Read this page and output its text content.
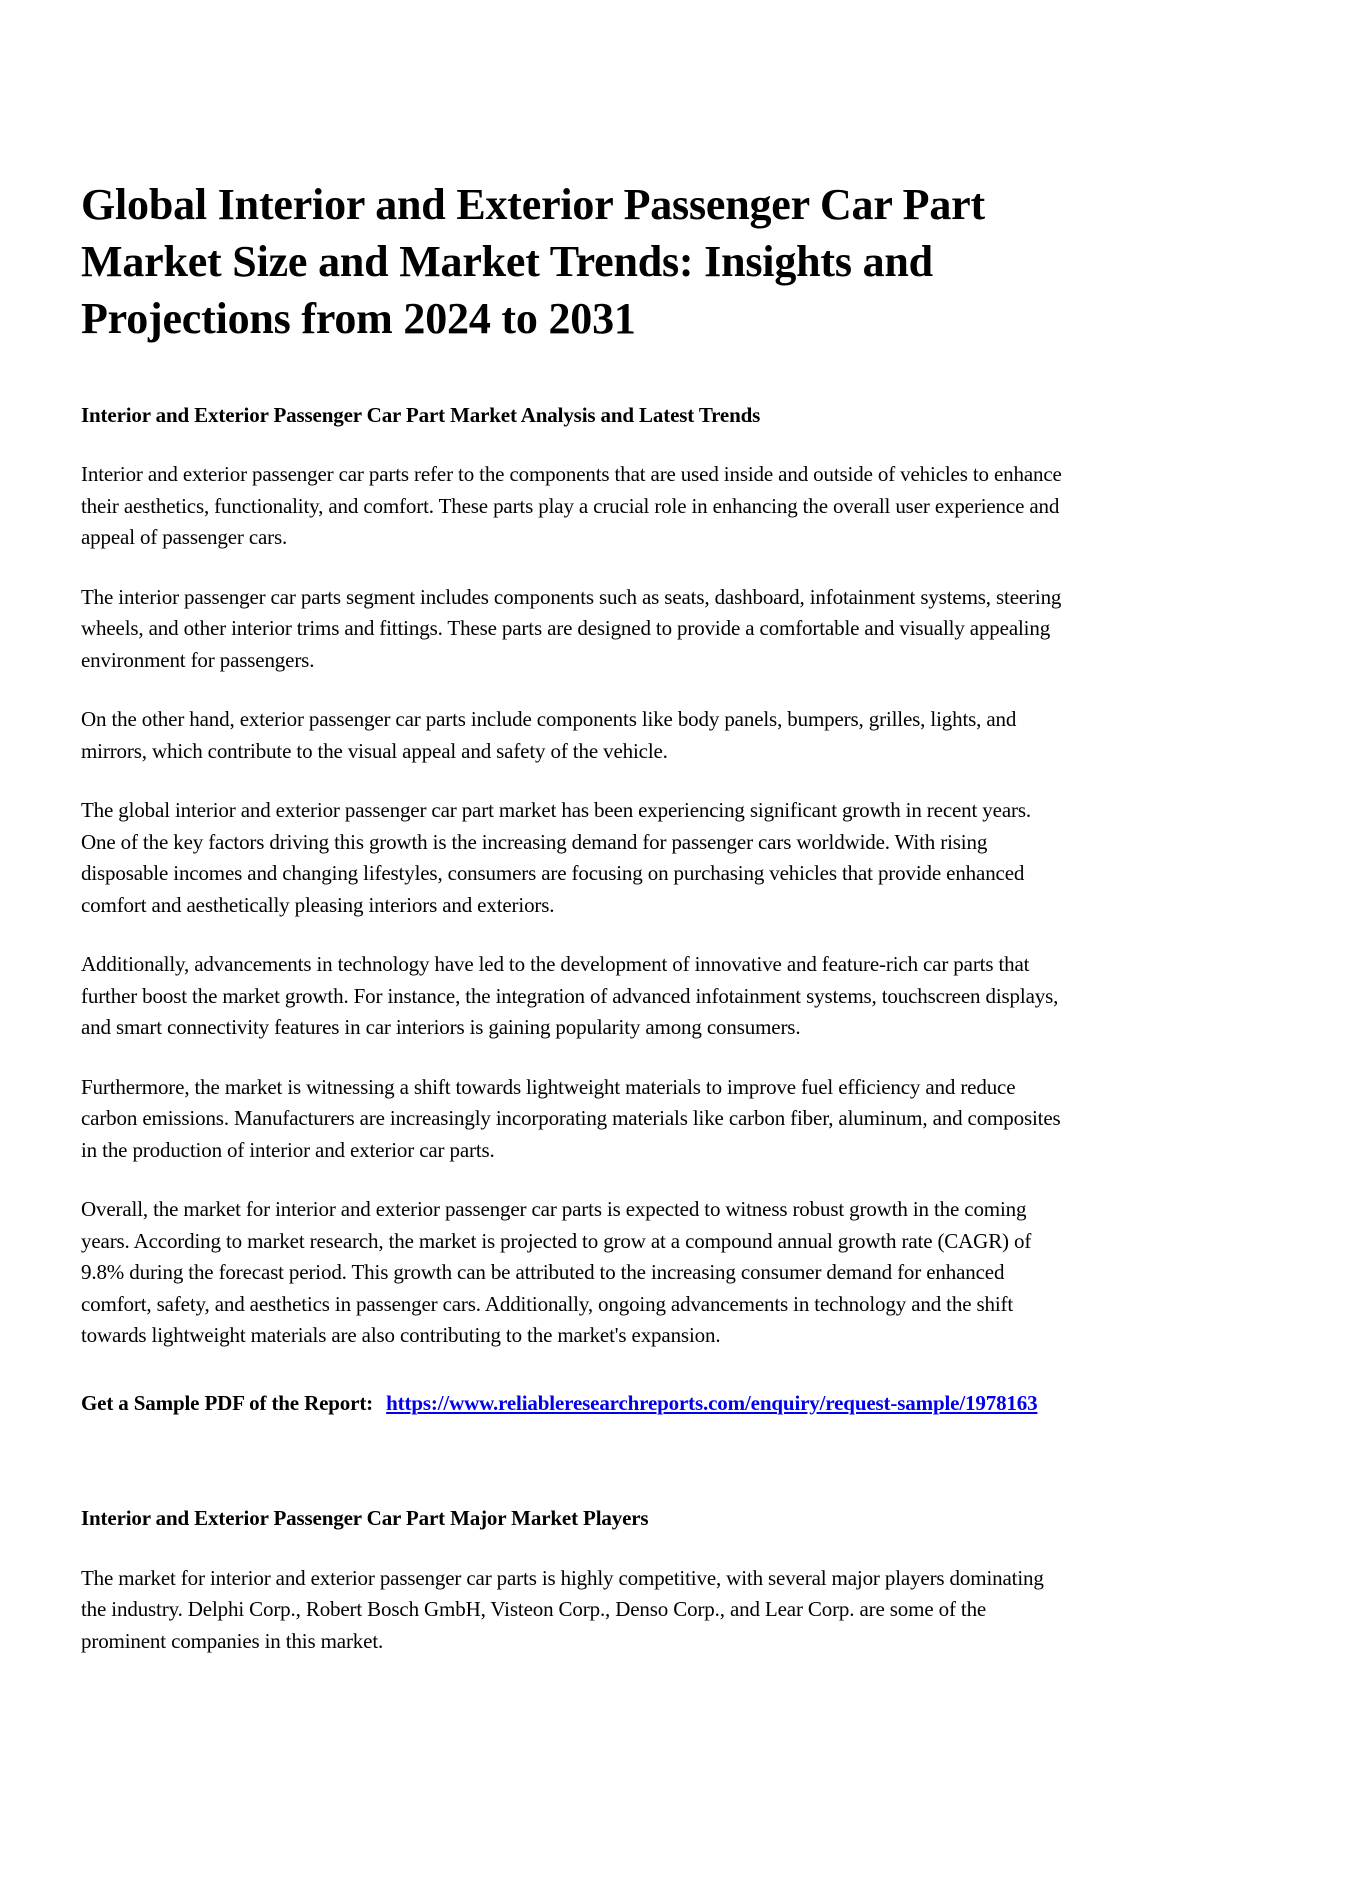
Global Interior and Exterior Passenger Car Part Market Size and Market Trends: Insights and Projections from 2024 to 2031
Interior and Exterior Passenger Car Part Market Analysis and Latest Trends

Interior and exterior passenger car parts refer to the components that are used inside and outside of vehicles to enhance their aesthetics, functionality, and comfort. These parts play a crucial role in enhancing the overall user experience and appeal of passenger cars.

The interior passenger car parts segment includes components such as seats, dashboard, infotainment systems, steering wheels, and other interior trims and fittings. These parts are designed to provide a comfortable and visually appealing environment for passengers.

On the other hand, exterior passenger car parts include components like body panels, bumpers, grilles, lights, and mirrors, which contribute to the visual appeal and safety of the vehicle.

The global interior and exterior passenger car part market has been experiencing significant growth in recent years. One of the key factors driving this growth is the increasing demand for passenger cars worldwide. With rising disposable incomes and changing lifestyles, consumers are focusing on purchasing vehicles that provide enhanced comfort and aesthetically pleasing interiors and exteriors.

Additionally, advancements in technology have led to the development of innovative and feature-rich car parts that further boost the market growth. For instance, the integration of advanced infotainment systems, touchscreen displays, and smart connectivity features in car interiors is gaining popularity among consumers.

Furthermore, the market is witnessing a shift towards lightweight materials to improve fuel efficiency and reduce carbon emissions. Manufacturers are increasingly incorporating materials like carbon fiber, aluminum, and composites in the production of interior and exterior car parts.

Overall, the market for interior and exterior passenger car parts is expected to witness robust growth in the coming years. According to market research, the market is projected to grow at a compound annual growth rate (CAGR) of 9.8% during the forecast period. This growth can be attributed to the increasing consumer demand for enhanced comfort, safety, and aesthetics in passenger cars. Additionally, ongoing advancements in technology and the shift towards lightweight materials are also contributing to the market's expansion.

Get a Sample PDF of the Report: https://www.reliableresearchreports.com/enquiry/request-sample/1978163

Interior and Exterior Passenger Car Part Major Market Players

The market for interior and exterior passenger car parts is highly competitive, with several major players dominating the industry. Delphi Corp., Robert Bosch GmbH, Visteon Corp., Denso Corp., and Lear Corp. are some of the prominent companies in this market.
